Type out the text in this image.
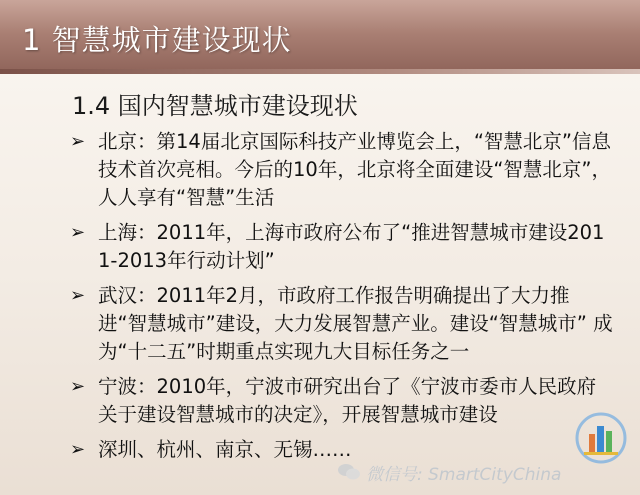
1 智慧城市建设现状
1.4 国内智慧城市建设现状
➢ 北京：第14届北京国际科技产业博览会上，“智慧北京”信息技术首次亮相。今后的10年，北京将全面建设“智慧北京”，人人享有“智慧”生活
➢ 上海：2011年，上海市政府公布了“推进智慧城市建设2011-2013年行动计划”
➢ 武汉：2011年2月，市政府工作报告明确提出了大力推进“智慧城市”建设，大力发展智慧产业。建设“智慧城市” 成为“十二五”时期重点实现九大目标任务之一
➢ 宁波：2010年，宁波市研究出台了《宁波市委市人民政府关于建设智慧城市的决定》，开展智慧城市建设
➢ 深圳、杭州、南京、无锡……
微信号: SmartCityChina
